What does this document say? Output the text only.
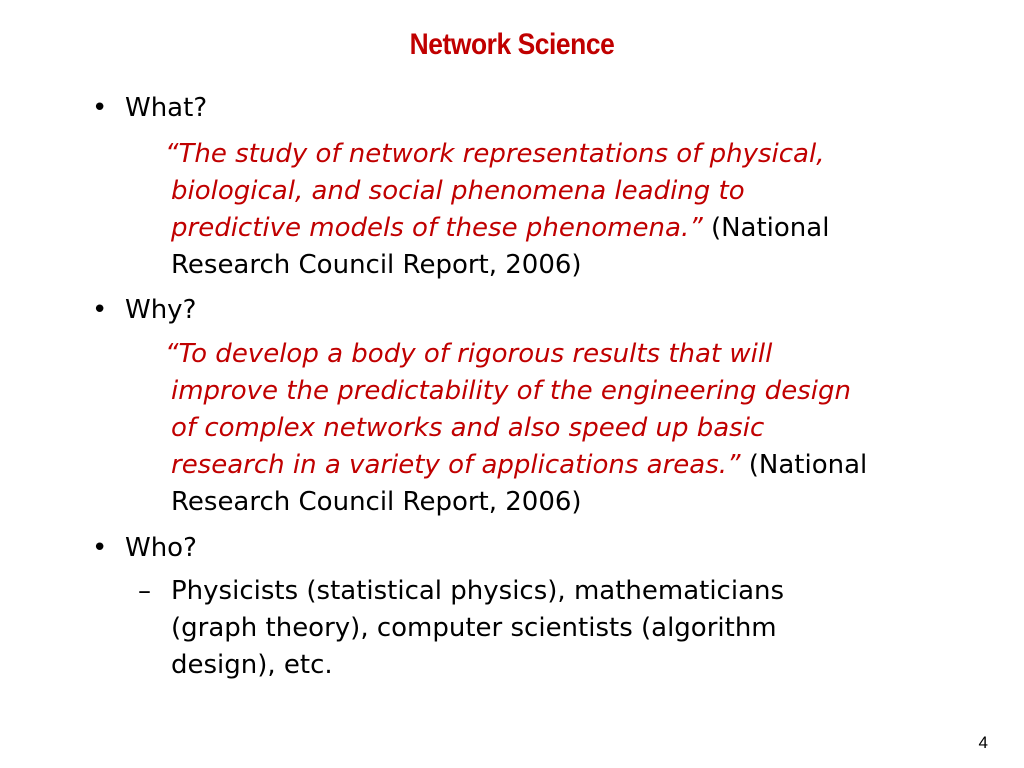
Network Science
• What?
“The study of network representations of physical,
biological, and social phenomena leading to
predictive models of these phenomena.” (National
Research Council Report, 2006)
• Why?
“To develop a body of rigorous results that will
improve the predictability of the engineering design
of complex networks and also speed up basic
research in a variety of applications areas.” (National
Research Council Report, 2006)
• Who?
– Physicists (statistical physics), mathematicians
(graph theory), computer scientists (algorithm
design), etc.
4
